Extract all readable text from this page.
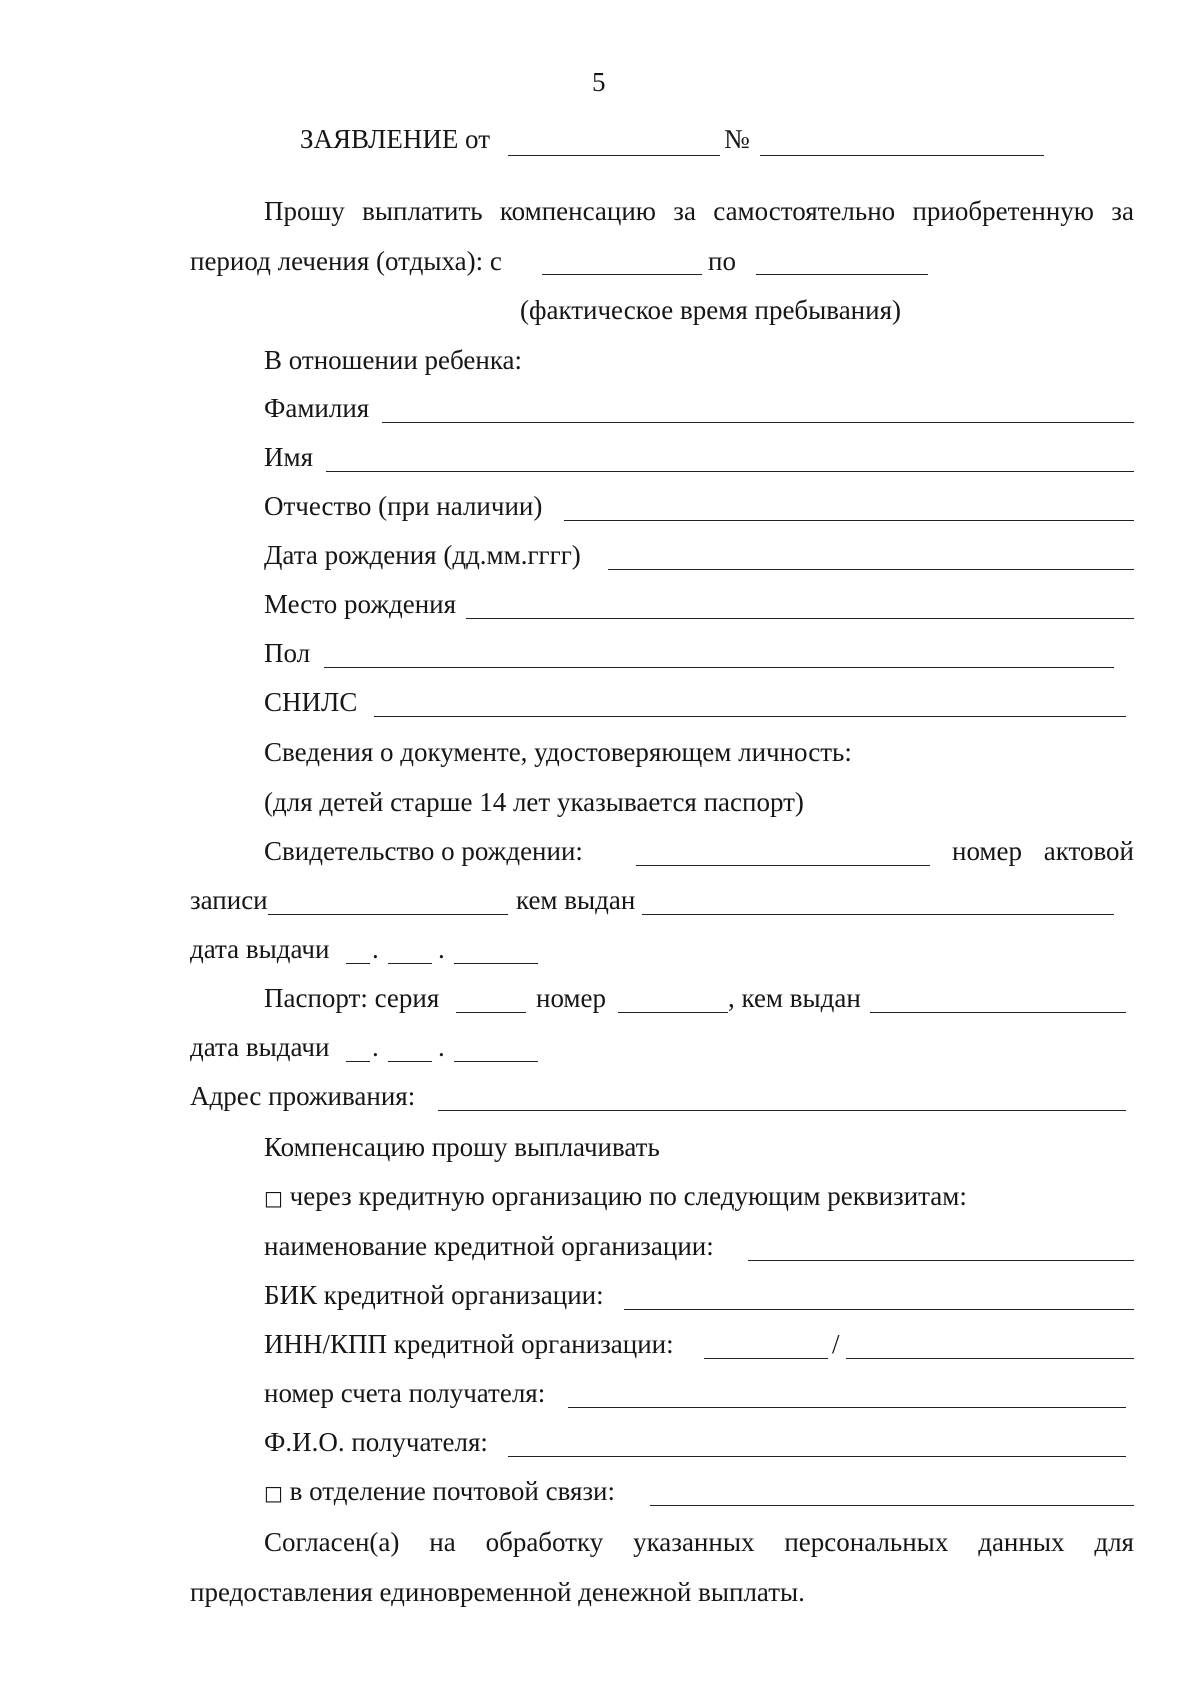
5
ЗАЯВЛЕНИЕ от	№
Прошу выплатить компенсацию за самостоятельно приобретенную за
период лечения (отдыха): с	по
(фактическое время пребывания)
В отношении ребенка:
Фамилия
Имя
Отчество (при наличии)
Дата рождения (дд.мм.гггг)
Место рождения
Пол
СНИЛС
Сведения о документе, удостоверяющем личность:
(для детей старше 14 лет указывается паспорт)
Свидетельство о рождении:	номер актовой
записи	кем выдан
дата выдачи . .
Паспорт: серия	номер	, кем выдан
дата выдачи . .
Адрес проживания:
Компенсацию прошу выплачивать
□ через кредитную организацию по следующим реквизитам:
наименование кредитной организации:
БИК кредитной организации:
ИНН/КПП кредитной организации:	/
номер счета получателя:
Ф.И.О. получателя:
□ в отделение почтовой связи:
Согласен(а) на обработку указанных персональных данных для
предоставления единовременной денежной выплаты.
